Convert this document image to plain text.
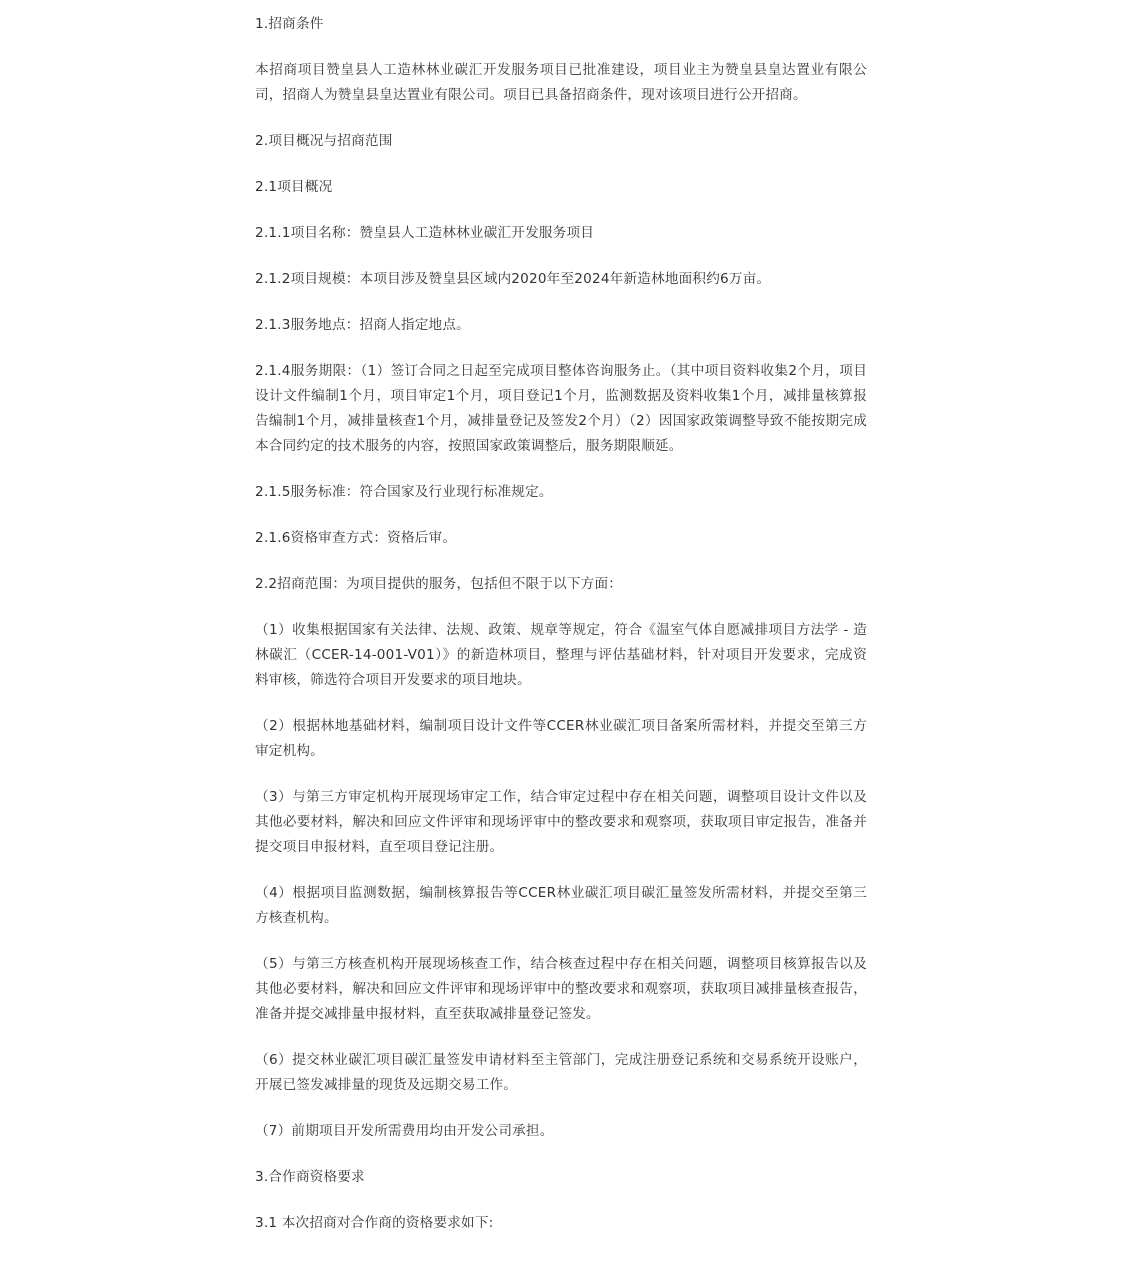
1.招商条件

本招商项目赞皇县人工造林林业碳汇开发服务项目已批准建设，项目业主为赞皇县皇达置业有限公司，招商人为赞皇县皇达置业有限公司。项目已具备招商条件，现对该项目进行公开招商。

2.项目概况与招商范围

2.1项目概况

2.1.1项目名称：赞皇县人工造林林业碳汇开发服务项目

2.1.2项目规模：本项目涉及赞皇县区域内2020年至2024年新造林地面积约6万亩。

2.1.3服务地点：招商人指定地点。

2.1.4服务期限：（1）签订合同之日起至完成项目整体咨询服务止。（其中项目资料收集2个月，项目设计文件编制1个月，项目审定1个月，项目登记1个月，监测数据及资料收集1个月，减排量核算报告编制1个月，减排量核查1个月，减排量登记及签发2个月）（2）因国家政策调整导致不能按期完成本合同约定的技术服务的内容，按照国家政策调整后，服务期限顺延。

2.1.5服务标准：符合国家及行业现行标准规定。

2.1.6资格审查方式：资格后审。

2.2招商范围：为项目提供的服务，包括但不限于以下方面：

（1）收集根据国家有关法律、法规、政策、规章等规定，符合《温室气体自愿减排项目方法学 - 造林碳汇（CCER-14-001-V01）》的新造林项目，整理与评估基础材料，针对项目开发要求，完成资料审核，筛选符合项目开发要求的项目地块。

（2）根据林地基础材料，编制项目设计文件等CCER林业碳汇项目备案所需材料，并提交至第三方审定机构。

（3）与第三方审定机构开展现场审定工作，结合审定过程中存在相关问题，调整项目设计文件以及其他必要材料，解决和回应文件评审和现场评审中的整改要求和观察项，获取项目审定报告，准备并提交项目申报材料，直至项目登记注册。

（4）根据项目监测数据，编制核算报告等CCER林业碳汇项目碳汇量签发所需材料，并提交至第三方核查机构。

（5）与第三方核查机构开展现场核查工作，结合核查过程中存在相关问题，调整项目核算报告以及其他必要材料，解决和回应文件评审和现场评审中的整改要求和观察项，获取项目减排量核查报告，准备并提交减排量申报材料，直至获取减排量登记签发。

（6）提交林业碳汇项目碳汇量签发申请材料至主管部门，完成注册登记系统和交易系统开设账户，开展已签发减排量的现货及远期交易工作。

（7）前期项目开发所需费用均由开发公司承担。

3.合作商资格要求

3.1 本次招商对合作商的资格要求如下:
